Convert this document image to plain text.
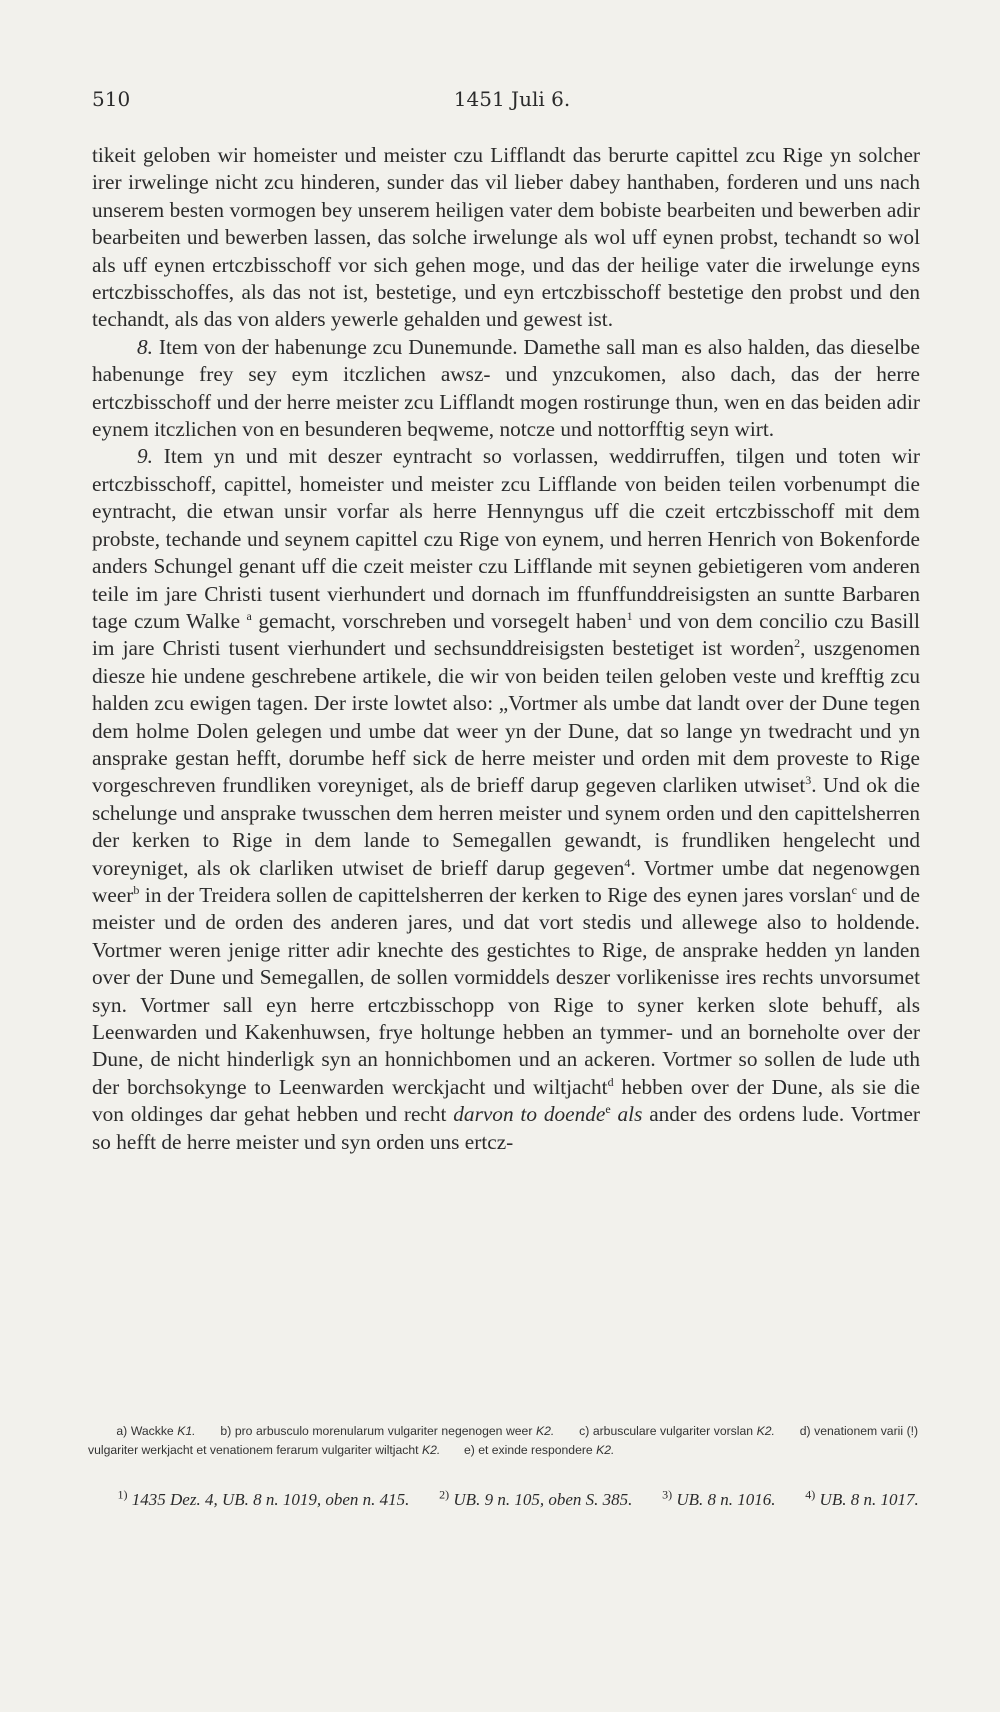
510	1451 Juli 6.

tikeit geloben wir homeister und meister czu Lifflandt das berurte capittel zcu Rige yn solcher irer irwelinge nicht zcu hinderen, sunder das vil lieber dabey hanthaben, forderen und uns nach unserem besten vormogen bey unserem heiligen vater dem bobiste bearbeiten und bewerben adir bearbeiten und bewerben lassen, das solche irwelunge als wol uff eynen probst, techandt so wol als uff eynen ertczbisschoff vor sich gehen moge, und das der heilige vater die irwelunge eyns ertczbisschoffes, als das not ist, bestetige, und eyn ertczbisschoff bestetige den probst und den techandt, als das von alders yewerle gehalden und gewest ist.

8. Item von der habenunge zcu Dunemunde. Damethe sall man es also halden, das dieselbe habenunge frey sey eym itczlichen awsz- und ynzcukomen, also dach, das der herre ertczbisschoff und der herre meister zcu Lifflandt mogen rostirunge thun, wen en das beiden adir eynem itczlichen von en besunderen beqweme, notcze und nottorfftig seyn wirt.

9. Item yn und mit deszer eyntracht so vorlassen, weddirruffen, tilgen und toten wir ertczbisschoff, capittel, homeister und meister zcu Lifflande von beiden teilen vorbenumpt die eyntracht, die etwan unsir vorfar als herre Hennyngus uff die czeit ertczbisschoff mit dem probste, techande und seynem capittel czu Rige von eynem, und herren Henrich von Bokenforde anders Schungel genant uff die czeit meister czu Lifflande mit seynen gebietigeren vom anderen teile im jare Christi tusent vierhundert und dornach im ffunffunddreisigsten an suntte Barbaren tage czum Walke $^a$ gemacht, vorschreben und vorsegelt haben$^1$ und von dem concilio czu Basill im jare Christi tusent vierhundert und sechsunddreisigsten bestetiget ist worden$^2$, uszgenomen diesze hie undene geschrebene artikele, die wir von beiden teilen geloben veste und krefftig zcu halden zcu ewigen tagen. Der irste lowtet also: „Vortmer als umbe dat landt over der Dune tegen dem holme Dolen gelegen und umbe dat weer yn der Dune, dat so lange yn twedracht und yn ansprake gestan hefft, dorumbe heff sick de herre meister und orden mit dem proveste to Rige vorgeschreven frundliken voreyniget, als de brieff darup gegeven clarliken utwiset$^3$. Und ok die schelunge und ansprake twusschen dem herren meister und synem orden und den capittelsherren der kerken to Rige in dem lande to Semegallen gewandt, is frundliken hengelecht und voreyniget, als ok clarliken utwiset de brieff darup gegeven$^4$. Vortmer umbe dat negenowgen weer$^b$ in der Treidera sollen de capittelsherren der kerken to Rige des eynen jares vorslan$^c$ und de meister und de orden des anderen jares, und dat vort stedis und allewege also to holdende. Vortmer weren jenige ritter adir knechte des gestichtes to Rige, de ansprake hedden yn landen over der Dune und Semegallen, de sollen vormiddels deszer vorlikenisse ires rechts unvorsumet syn. Vortmer sall eyn herre ertczbisschopp von Rige to syner kerken slote behuff, als Leenwarden und Kakenhuwsen, frye holtunge hebben an tymmer- und an borneholte over der Dune, de nicht hinderligk syn an honnichbomen und an ackeren. Vortmer so sollen de lude uth der borchsokynge to Leenwarden werckjacht und wiltjacht$^d$ hebben over der Dune, als sie die von oldinges dar gehat hebben und recht darvon to doende$^e$ als ander des ordens lude. Vortmer so hefft de herre meister und syn orden uns ertcz-

a) Wackke K1. b) pro arbusculo morenularum vulgariter negenogen weer K2. c) arbusculare vulgariter vorslan K2. d) venationem varii (!) vulgariter werkjacht et venationem ferarum vulgariter wiltjacht K2. e) et exinde respondere K2.

$^{1)}$ 1435 Dez. 4, UB. 8 n. 1019, oben n. 415. $^{2)}$ UB. 9 n. 105, oben S. 385. $^{3)}$ UB. 8 n. 1016. $^{4)}$ UB. 8 n. 1017.
